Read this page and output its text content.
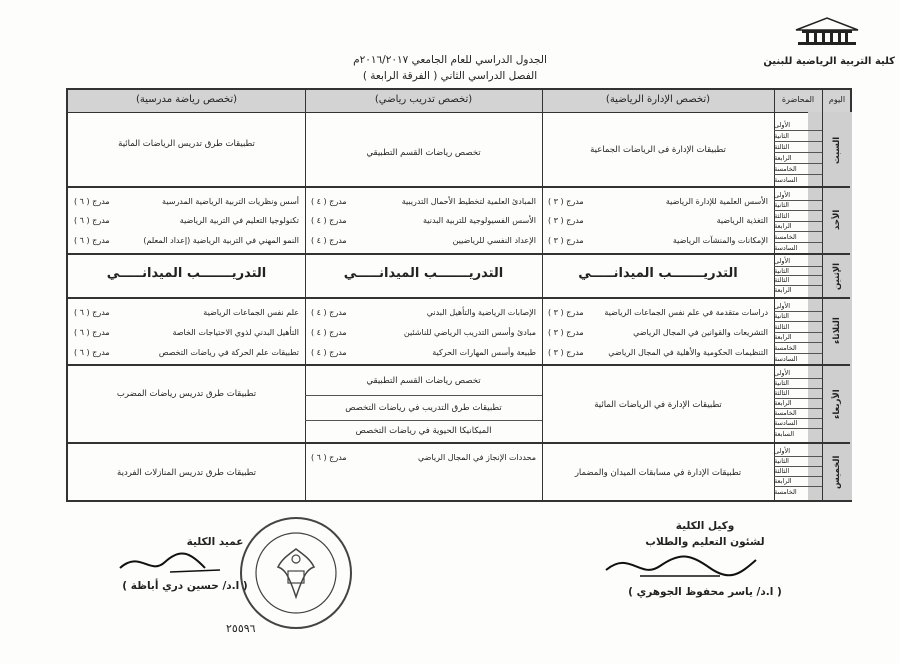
كلية التربية الرياضية للبنين
الجدول الدراسي للعام الجامعي ٢٠١٦/٢٠١٧م
الفصل الدراسي الثاني ( الفرقة الرابعة )
اليوم
المحاضرة
(تخصص الإدارة الرياضية)
(تخصص تدريب رياضي)
(تخصص رياضة مدرسية)
السبت
الأحد
الإثنين
الثلاثاء
الأربعاء
الخميس
الأولى
الثانية
الثالثة
الرابعة
الخامسة
السادسة
الأولى
الثانية
الثالثة
الرابعة
الخامسة
السادسة
الأولى
الثانية
الثالثة
الرابعة
الأولى
الثانية
الثالثة
الرابعة
الخامسة
السادسة
الأولى
الثانية
الثالثة
الرابعة
الخامسة
السادسة
السابعة
الأولى
الثانية
الثالثة
الرابعة
الخامسة
تطبيقات الإدارة فى الرياضات الجماعية
تخصص رياضات القسم التطبيقي
تطبيقات طرق تدريس الرياضات المائية
الأسس العلمية للإدارة الرياضية
مدرج ( ٣ )
التغذية الرياضية
مدرج ( ٣ )
الإمكانات والمنشآت الرياضية
مدرج ( ٣ )
المبادئ العلمية لتخطيط الأحمال التدريبية
مدرج ( ٤ )
الأسس الفسيولوجية للتربية البدنية
مدرج ( ٤ )
الإعداد النفسي للرياضيين
مدرج ( ٤ )
أسس ونظريات التربية الرياضية المدرسية
مدرج ( ٦ )
تكنولوجيا التعليم في التربية الرياضية
مدرج ( ٦ )
النمو المهني في التربية الرياضية (إعداد المعلم)
مدرج ( ٦ )
التدريـــــــب الميدانـــــي
التدريـــــــب الميدانـــــي
التدريـــــــب الميدانـــــي
دراسات متقدمة في علم نفس الجماعات الرياضية
مدرج ( ٣ )
التشريعات والقوانين في المجال الرياضي
مدرج ( ٣ )
التنظيمات الحكومية والأهلية في المجال الرياضي
مدرج ( ٣ )
الإصابات الرياضية والتأهيل البدني
مدرج ( ٤ )
مبادئ وأسس التدريب الرياضي للناشئين
مدرج ( ٤ )
طبيعة وأسس المهارات الحركية
مدرج ( ٤ )
علم نفس الجماعات الرياضية
مدرج ( ٦ )
التأهيل البدني لذوي الاحتياجات الخاصة
مدرج ( ٦ )
تطبيقات علم الحركة في رياضات التخصص
مدرج ( ٦ )
تطبيقات الإدارة في الرياضات المائية
تخصص رياضات القسم التطبيقي
تطبيقات طرق التدريب في رياضات التخصص
الميكانيكا الحيوية في رياضات التخصص
تطبيقات طرق تدريس رياضات المضرب
تطبيقات الإدارة في مسابقات الميدان والمضمار
محددات الإنجاز في المجال الرياضي
مدرج ( ٦ )
تطبيقات طرق تدريس المنازلات الفردية
وكيل الكلية
لشئون التعليم والطلاب
( ا.د/ ياسر محفوظ الجوهري )
عميد الكلية
( ا.د/ حسين دري أباظة )
٢٥٥٩٦
